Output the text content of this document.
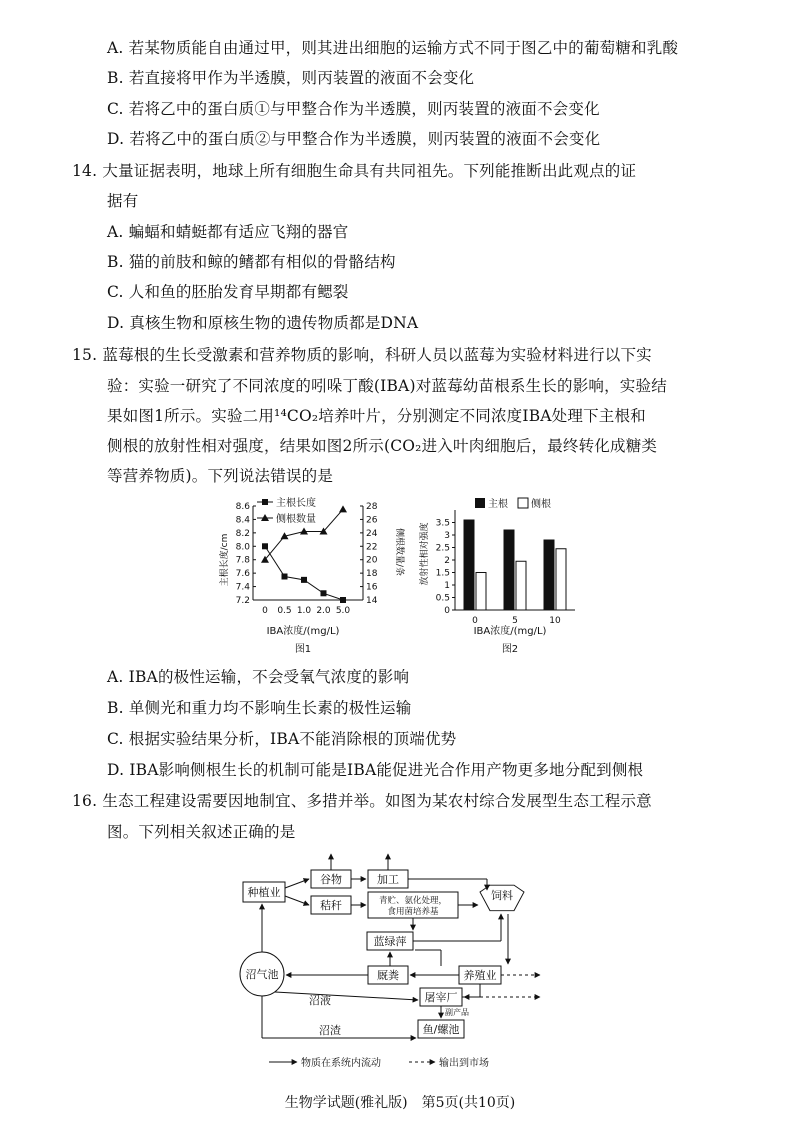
A. 若某物质能自由通过甲，则其进出细胞的运输方式不同于图乙中的葡萄糖和乳酸
B. 若直接将甲作为半透膜，则丙装置的液面不会变化
C. 若将乙中的蛋白质①与甲整合作为半透膜，则丙装置的液面不会变化
D. 若将乙中的蛋白质②与甲整合作为半透膜，则丙装置的液面不会变化
14. 大量证据表明，地球上所有细胞生命具有共同祖先。下列能推断出此观点的证
据有
A. 蝙蝠和蜻蜓都有适应飞翔的器官
B. 猫的前肢和鲸的鳍都有相似的骨骼结构
C. 人和鱼的胚胎发育早期都有鳃裂
D. 真核生物和原核生物的遗传物质都是DNA
15. 蓝莓根的生长受激素和营养物质的影响，科研人员以蓝莓为实验材料进行以下实
验：实验一研究了不同浓度的吲哚丁酸(IBA)对蓝莓幼苗根系生长的影响，实验结
果如图1所示。实验二用¹⁴CO₂培养叶片，分别测定不同浓度IBA处理下主根和
侧根的放射性相对强度，结果如图2所示(CO₂进入叶肉细胞后，最终转化成糖类
等营养物质)。下列说法错误的是
8.6
8.4
8.2
8.0
7.8
7.6
7.4
7.2
28
26
24
22
20
18
16
14
0 0.5 1.0 2.0 5.0
主根长度/cm	侧根数量/条
IBA浓度/(mg/L)
图1
主根长度
侧根数量	3.5
3
2.5
2
1.5
1
0.5
0
0	5	10
放射性相对强度
IBA浓度/(mg/L)
图2
主根 侧根
A. IBA的极性运输，不会受氧气浓度的影响
B. 单侧光和重力均不影响生长素的极性运输
C. 根据实验结果分析，IBA不能消除根的顶端优势
D. IBA影响侧根生长的机制可能是IBA能促进光合作用产物更多地分配到侧根
16. 生态工程建设需要因地制宜、多措并举。如图为某农村综合发展型生态工程示意
图。下列相关叙述正确的是
种植业
谷物	加工
秸秆	青贮、氨化处理，
食用菌培养基
饲料
蓝绿萍
沼气池	厩粪	养殖业
屠宰厂
鱼/螺池
副产品
沼液
沼渣
物质在系统内流动	输出到市场
生物学试题(雅礼版)　第5页(共10页)
